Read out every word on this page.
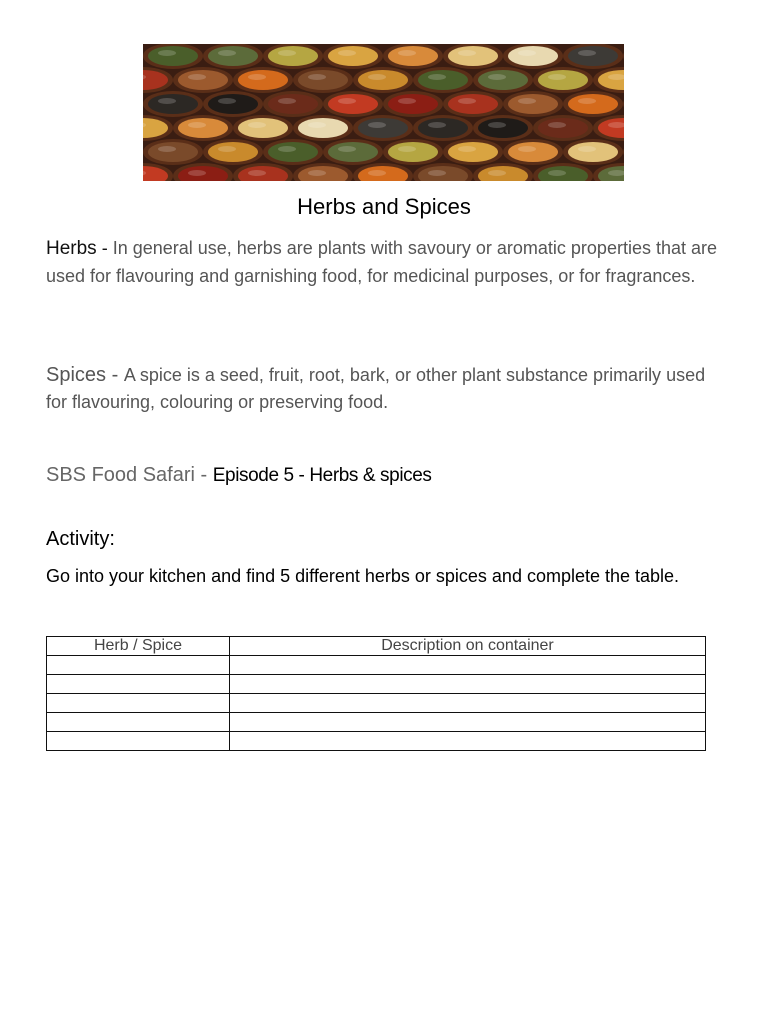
Herbs and Spices
Herbs - In general use, herbs are plants with savoury or aromatic properties that are used for flavouring and garnishing food, for medicinal purposes, or for fragrances.
Spices - A spice is a seed, fruit, root, bark, or other plant substance primarily used for flavouring, colouring or preserving food.
SBS Food Safari - Episode 5 - Herbs & spices
Activity:
Go into your kitchen and find 5 different herbs or spices and complete the table.
Herb / Spice	Description on container
